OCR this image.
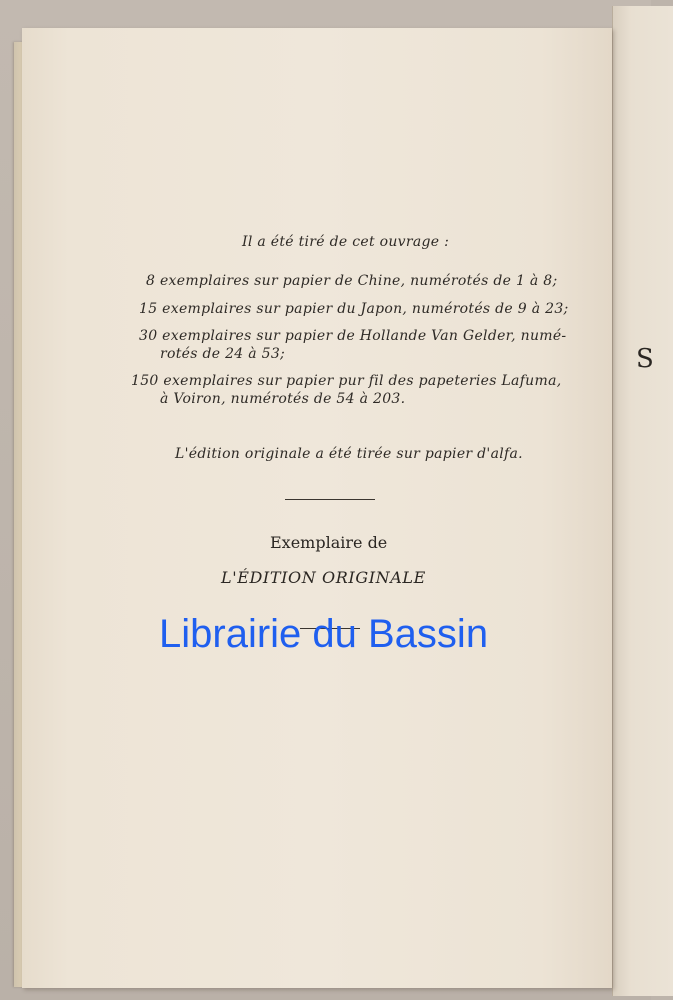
S
Il a été tiré de cet ouvrage :
8 exemplaires sur papier de Chine, numérotés de 1 à 8;
15 exemplaires sur papier du Japon, numérotés de 9 à 23;
30 exemplaires sur papier de Hollande Van Gelder, numé-
rotés de 24 à 53;
150 exemplaires sur papier pur fil des papeteries Lafuma,
à Voiron, numérotés de 54 à 203.
L'édition originale a été tirée sur papier d'alfa.
Exemplaire de
L'ÉDITION ORIGINALE
Librairie du Bassin
